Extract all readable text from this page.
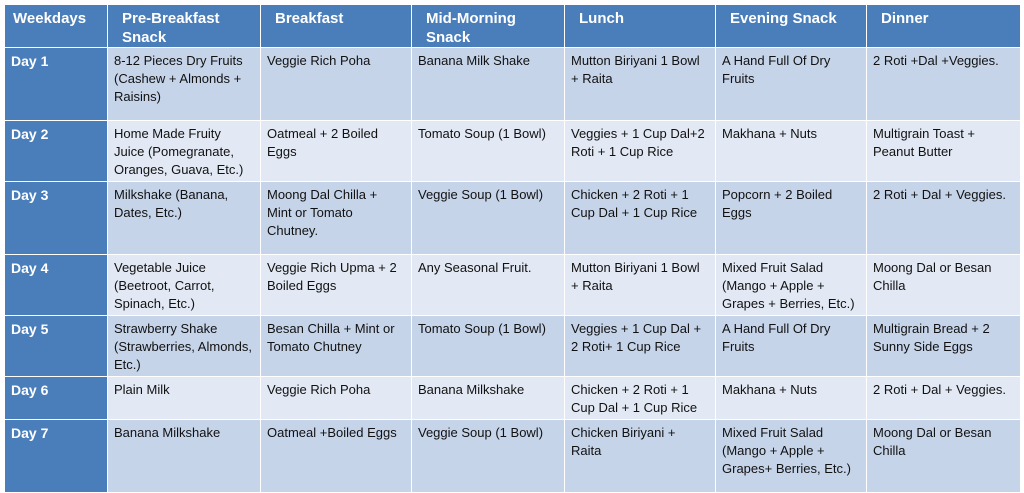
Weekdays	Pre-Breakfast Snack	Breakfast	Mid-Morning Snack	Lunch	Evening Snack	Dinner
Day 1	8-12 Pieces Dry Fruits (Cashew + Almonds + Raisins)	Veggie Rich Poha	Banana Milk Shake	Mutton Biriyani 1 Bowl + Raita	A Hand Full Of Dry Fruits	2 Roti +Dal +Veggies.
Day 2	Home Made Fruity Juice (Pomegranate, Oranges, Guava, Etc.)	Oatmeal + 2 Boiled Eggs	Tomato Soup (1 Bowl)	Veggies + 1 Cup Dal+2 Roti + 1 Cup Rice	Makhana + Nuts	Multigrain Toast + Peanut Butter
Day 3	Milkshake (Banana, Dates, Etc.)	Moong Dal Chilla + Mint or Tomato Chutney.	Veggie Soup (1 Bowl)	Chicken + 2 Roti + 1 Cup Dal + 1 Cup Rice	Popcorn + 2 Boiled Eggs	2 Roti + Dal + Veggies.
Day 4	Vegetable Juice (Beetroot, Carrot, Spinach, Etc.)	Veggie Rich Upma + 2 Boiled Eggs	Any Seasonal Fruit.	Mutton Biriyani 1 Bowl + Raita	Mixed Fruit Salad (Mango + Apple + Grapes + Berries, Etc.)	Moong Dal or Besan Chilla
Day 5	Strawberry Shake (Strawberries, Almonds, Etc.)	Besan Chilla + Mint or Tomato Chutney	Tomato Soup (1 Bowl)	Veggies + 1 Cup Dal + 2 Roti+ 1 Cup Rice	A Hand Full Of Dry Fruits	Multigrain Bread + 2 Sunny Side Eggs
Day 6	Plain Milk	Veggie Rich Poha	Banana Milkshake	Chicken + 2 Roti + 1 Cup Dal + 1 Cup Rice	Makhana + Nuts	2 Roti + Dal + Veggies.
Day 7	Banana Milkshake	Oatmeal +Boiled Eggs	Veggie Soup (1 Bowl)	Chicken Biriyani + Raita	Mixed Fruit Salad (Mango + Apple + Grapes+ Berries, Etc.)	Moong Dal or Besan Chilla
